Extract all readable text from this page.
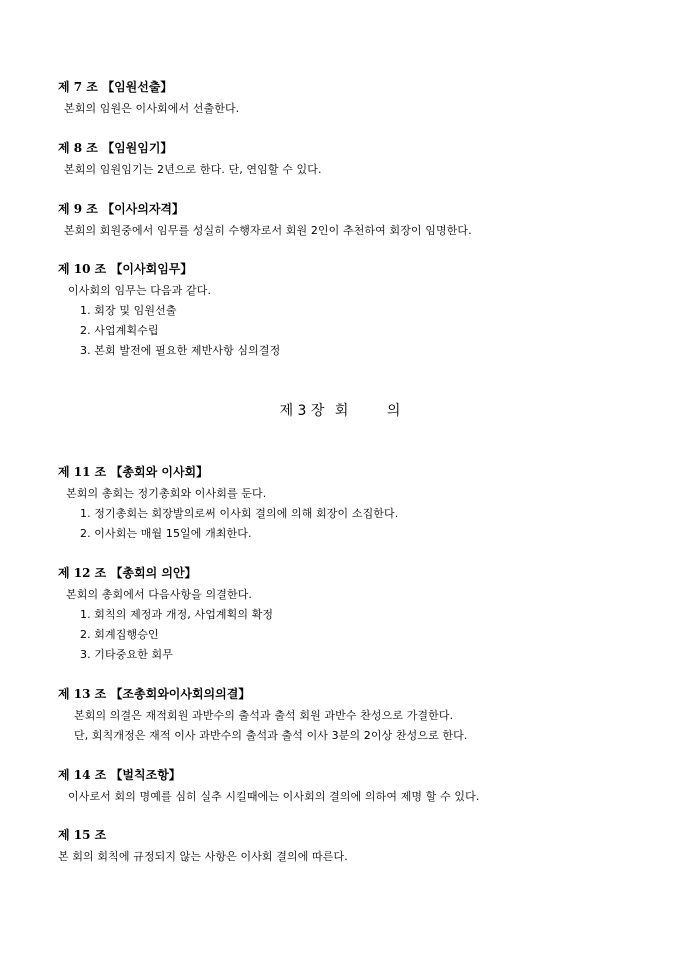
제 7 조 【임원선출】
본회의 임원은 이사회에서 선출한다.
제 8 조 【임원임기】
본회의 임원임기는 2년으로 한다. 단, 연임할 수 있다.
제 9 조 【이사의자격】
본회의 회원중에서 임무를 성실히 수행자로서 회원 2인이 추천하여 회장이 임명한다.
제 10 조 【이사회임무】
이사회의 임무는 다음과 같다.
1. 회장 및 임원선출
2. 사업계획수립
3. 본회 발전에 필요한 제반사항 심의결정
제 3 장 회	의
제 11 조 【총회와 이사회】
본회의 총회는 정기총회와 이사회를 둔다.
1. 정기총회는 회장발의로써 이사회 결의에 의해 회장이 소집한다.
2. 이사회는 매월 15일에 개최한다.
제 12 조 【총회의 의안】
본회의 총회에서 다음사항을 의결한다.
1. 회칙의 제정과 개정, 사업계획의 확정
2. 회계집행승인
3. 기타중요한 회무
제 13 조 【조총회와이사회의의결】
본회의 의결은 재적회원 과반수의 출석과 출석 회원 과반수 찬성으로 가결한다.
단, 회칙개정은 재적 이사 과반수의 출석과 출석 이사 3분의 2이상 찬성으로 한다.
제 14 조 【벌칙조항】
이사로서 회의 명예를 심히 실추 시킬때에는 이사회의 결의에 의하여 제명 할 수 있다.
제 15 조
본 회의 회칙에 규정되지 않는 사항은 이사회 결의에 따른다.
